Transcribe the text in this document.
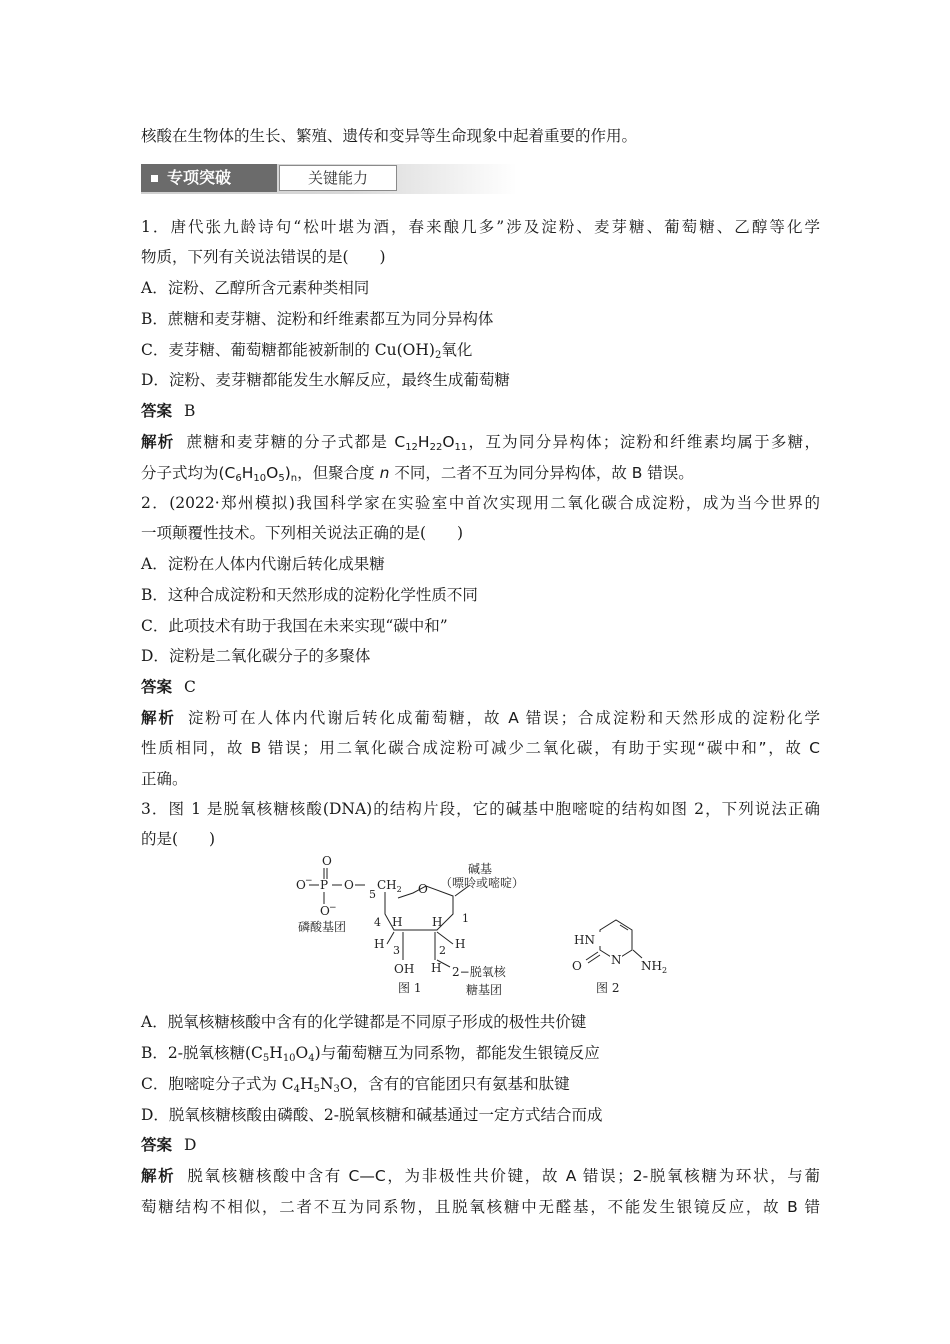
核酸在生物体的生长、繁殖、遗传和变异等生命现象中起着重要的作用。
专项突破	关键能力
1．唐代张九龄诗句“松叶堪为酒，春来酿几多”涉及淀粉、麦芽糖、葡萄糖、乙醇等化学
物质，下列有关说法错误的是(　　)
A．淀粉、乙醇所含元素种类相同
B．蔗糖和麦芽糖、淀粉和纤维素都互为同分异构体
C．麦芽糖、葡萄糖都能被新制的 $Cu(OH)_2$氧化
D．淀粉、麦芽糖都能发生水解反应，最终生成葡萄糖
答案 B
解析 蔗糖和麦芽糖的分子式都是 $C_{12}H_{22}O_{11}$，互为同分异构体；淀粉和纤维素均属于多糖，
分子式均为$(C_6H_{10}O_5)_n$，但聚合度 n 不同，二者不互为同分异构体，故 B 错误。
2．(2022·郑州模拟)我国科学家在实验室中首次实现用二氧化碳合成淀粉，成为当今世界的
一项颠覆性技术。下列相关说法正确的是(　　)
A．淀粉在人体内代谢后转化成果糖
B．这种合成淀粉和天然形成的淀粉化学性质不同
C．此项技术有助于我国在未来实现“碳中和”
D．淀粉是二氧化碳分子的多聚体
答案 C
解析 淀粉可在人体内代谢后转化成葡萄糖，故 A 错误；合成淀粉和天然形成的淀粉化学
性质相同，故 B 错误；用二氧化碳合成淀粉可减少二氧化碳，有助于实现“碳中和”，故 C
正确。
3．图 1 是脱氧核糖核酸(DNA)的结构片段，它的碱基中胞嘧啶的结构如图 2，下列说法正确
的是(　　)
O
O − P O
5
$CH_2$
O −
磷酸基团
O
4	1
3	2
H H
H	H
OH H
碱基
（嘌呤或嘧啶）
2−脱氧核
糖基团
图 1
HN
N
O	$NH_2$
图 2
A．脱氧核糖核酸中含有的化学键都是不同原子形成的极性共价键
B．2-脱氧核糖$(C_5H_{10}O_4)$与葡萄糖互为同系物，都能发生银镜反应
C．胞嘧啶分子式为 $C_4H_5N_3O$，含有的官能团只有氨基和肽键
D．脱氧核糖核酸由磷酸、2-脱氧核糖和碱基通过一定方式结合而成
答案 D
解析 脱氧核糖核酸中含有 C—C，为非极性共价键，故 A 错误；2-脱氧核糖为环状，与葡
萄糖结构不相似，二者不互为同系物，且脱氧核糖中无醛基，不能发生银镜反应，故 B 错
